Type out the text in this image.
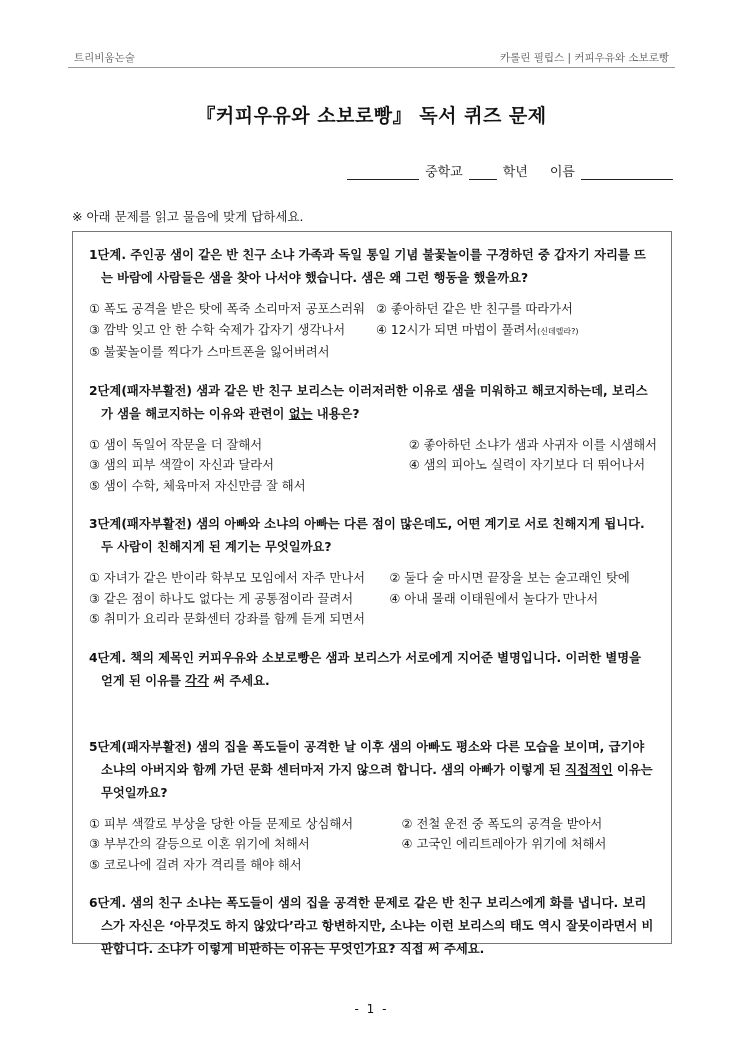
트리비움논술	카롤린 필립스 | 커피우유와 소보로빵
『커피우유와 소보로빵』 독서 퀴즈 문제
중학교	학년 이름
※ 아래 문제를 읽고 물음에 맞게 답하세요.
1단계. 주인공 샘이 같은 반 친구 소냐 가족과 독일 통일 기념 불꽃놀이를 구경하던 중 갑자기 자리를 뜨는 바람에 사람들은 샘을 찾아 나서야 했습니다. 샘은 왜 그런 행동을 했을까요?
① 폭도 공격을 받은 탓에 폭죽 소리마저 공포스러워 ② 좋아하던 같은 반 친구를 따라가서
③ 깜박 잊고 안 한 수학 숙제가 갑자기 생각나서	④ 12시가 되면 마법이 풀려서(신데렐라?)
⑤ 불꽃놀이를 찍다가 스마트폰을 잃어버려서
2단계(패자부활전) 샘과 같은 반 친구 보리스는 이러저러한 이유로 샘을 미워하고 해코지하는데, 보리스가 샘을 해코지하는 이유와 관련이 없는 내용은?
① 샘이 독일어 작문을 더 잘해서	② 좋아하던 소냐가 샘과 사귀자 이를 시샘해서
③ 샘의 피부 색깔이 자신과 달라서	④ 샘의 피아노 실력이 자기보다 더 뛰어나서
⑤ 샘이 수학, 체육마저 자신만큼 잘 해서
3단계(패자부활전) 샘의 아빠와 소냐의 아빠는 다른 점이 많은데도, 어떤 계기로 서로 친해지게 됩니다. 두 사람이 친해지게 된 계기는 무엇일까요?
① 자녀가 같은 반이라 학부모 모임에서 자주 만나서	② 둘다 술 마시면 끝장을 보는 술고래인 탓에
③ 같은 점이 하나도 없다는 게 공통점이라 끌려서	④ 아내 몰래 이태원에서 놀다가 만나서
⑤ 취미가 요리라 문화센터 강좌를 함께 듣게 되면서
4단계. 책의 제목인 커피우유와 소보로빵은 샘과 보리스가 서로에게 지어준 별명입니다. 이러한 별명을 얻게 된 이유를 각각 써 주세요.
5단계(패자부활전) 샘의 집을 폭도들이 공격한 날 이후 샘의 아빠도 평소와 다른 모습을 보이며, 급기야 소냐의 아버지와 함께 가던 문화 센터마저 가지 않으려 합니다. 샘의 아빠가 이렇게 된 직접적인 이유는 무엇일까요?
① 피부 색깔로 부상을 당한 아들 문제로 상심해서	② 전철 운전 중 폭도의 공격을 받아서
③ 부부간의 갈등으로 이혼 위기에 처해서	④ 고국인 에리트레아가 위기에 처해서
⑤ 코로나에 걸려 자가 격리를 해야 해서
6단계. 샘의 친구 소냐는 폭도들이 샘의 집을 공격한 문제로 같은 반 친구 보리스에게 화를 냅니다. 보리스가 자신은 ‘아무것도 하지 않았다’라고 항변하지만, 소냐는 이런 보리스의 태도 역시 잘못이라면서 비판합니다. 소냐가 이렇게 비판하는 이유는 무엇인가요? 직접 써 주세요.
- 1 -
